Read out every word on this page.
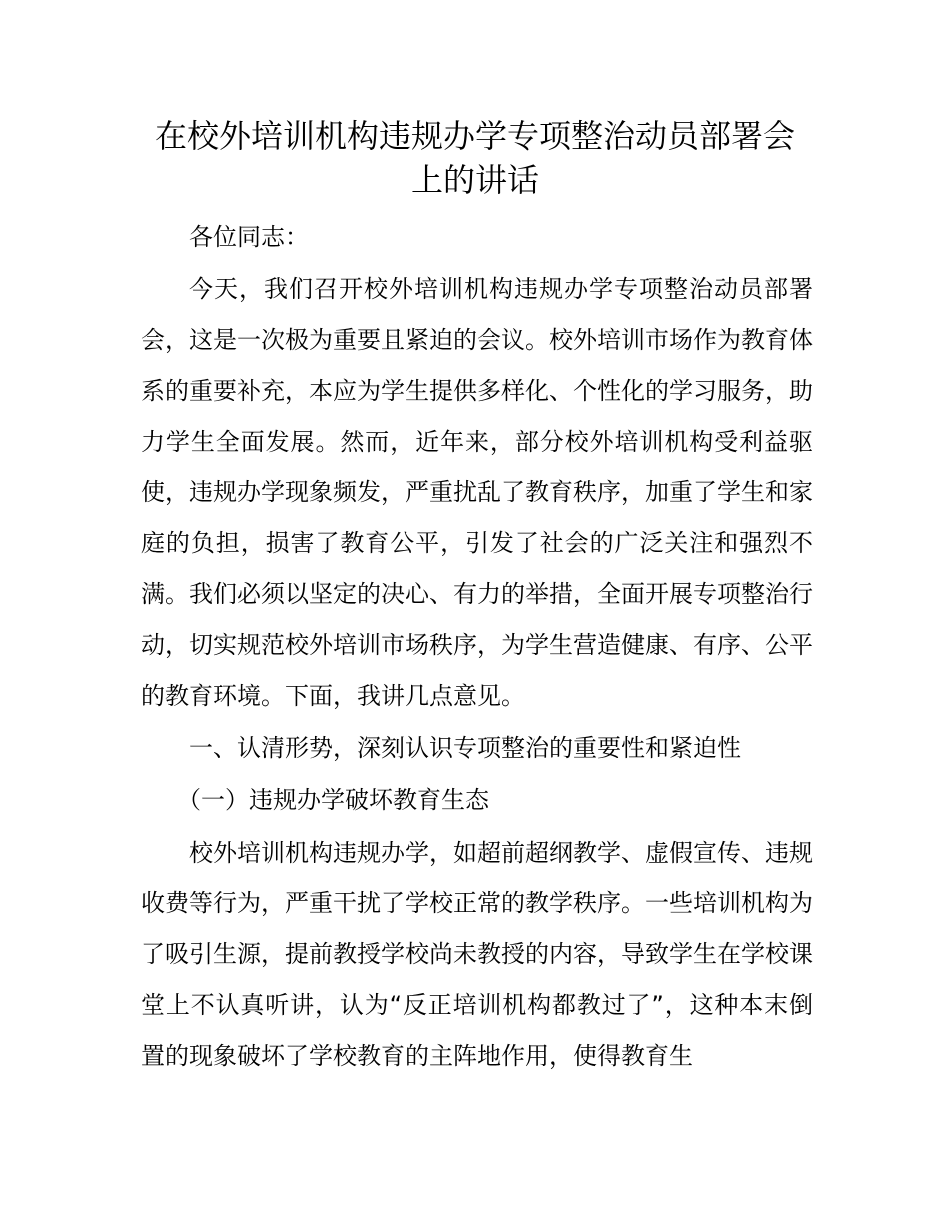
在校外培训机构违规办学专项整治动员部署会上的讲话

各位同志：

今天，我们召开校外培训机构违规办学专项整治动员部署会，这是一次极为重要且紧迫的会议。校外培训市场作为教育体系的重要补充，本应为学生提供多样化、个性化的学习服务，助力学生全面发展。然而，近年来，部分校外培训机构受利益驱使，违规办学现象频发，严重扰乱了教育秩序，加重了学生和家庭的负担，损害了教育公平，引发了社会的广泛关注和强烈不满。我们必须以坚定的决心、有力的举措，全面开展专项整治行动，切实规范校外培训市场秩序，为学生营造健康、有序、公平的教育环境。下面，我讲几点意见。

一、认清形势，深刻认识专项整治的重要性和紧迫性

（一）违规办学破坏教育生态

校外培训机构违规办学，如超前超纲教学、虚假宣传、违规收费等行为，严重干扰了学校正常的教学秩序。一些培训机构为了吸引生源，提前教授学校尚未教授的内容，导致学生在学校课堂上不认真听讲，认为“反正培训机构都教过了”，这种本末倒置的现象破坏了学校教育的主阵地作用，使得教育生
